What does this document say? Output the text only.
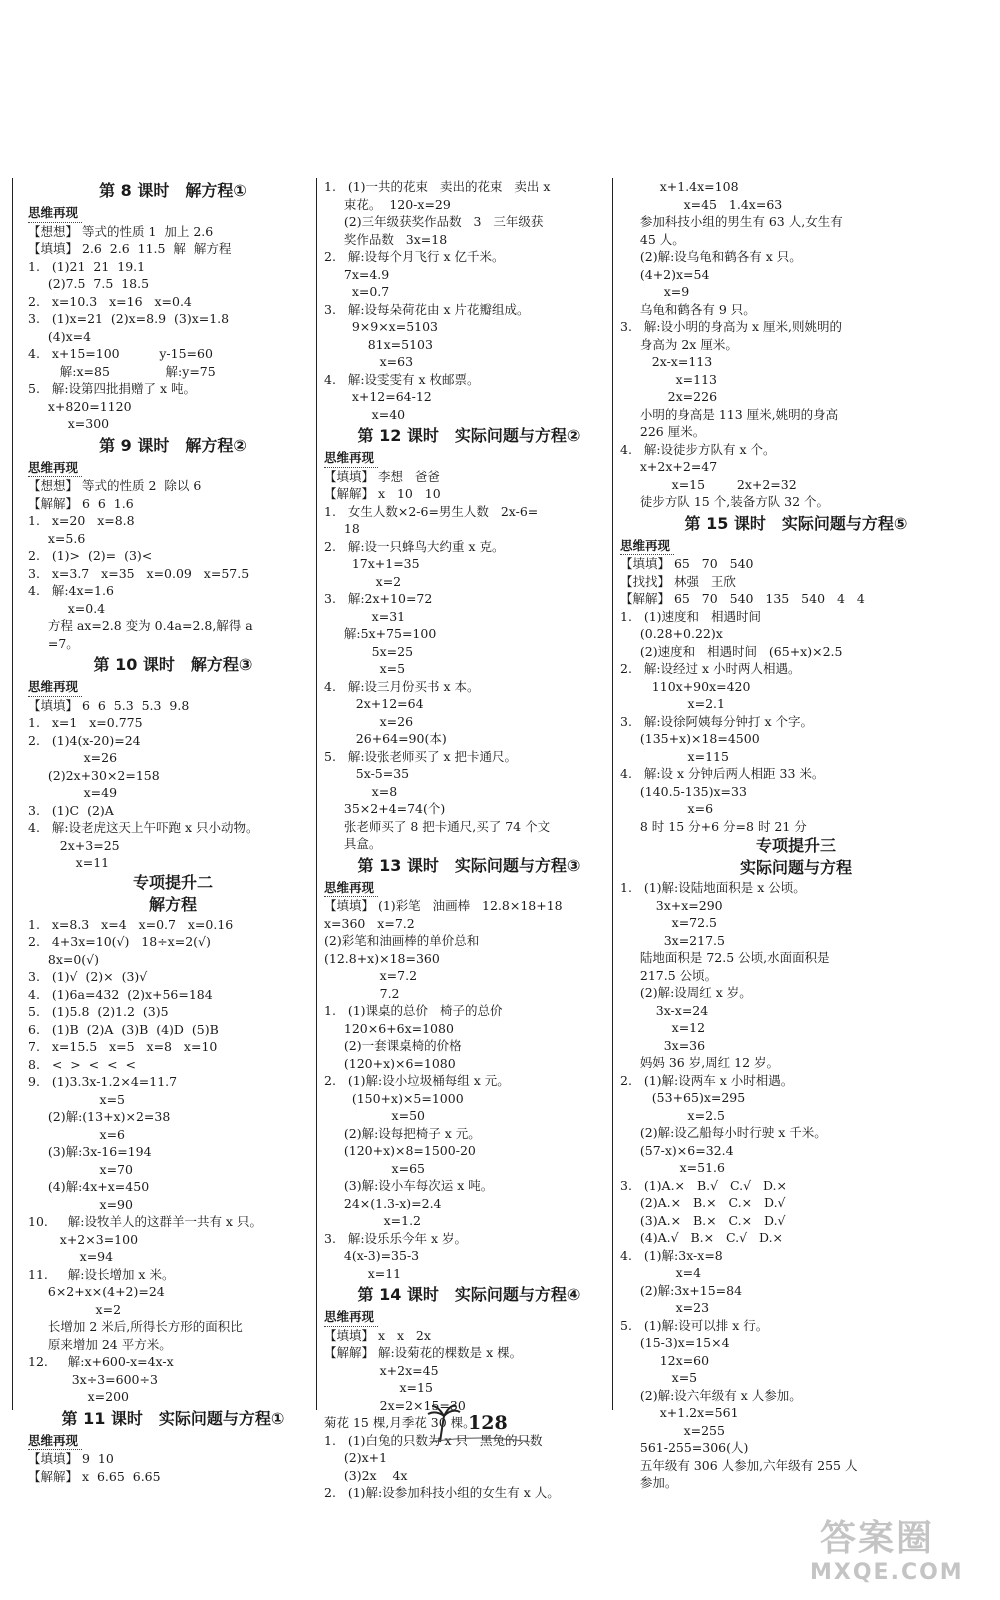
第 8 课时　解方程①
思维再现
【想想】 等式的性质 1  加上 2.6
【填填】 2.6  2.6  11.5  解  解方程
1.   (1)21  21  19.1
(2)7.5  7.5  18.5
2.   x=10.3   x=16   x=0.4
3.   (1)x=21  (2)x=8.9  (3)x=1.8
(4)x=4
4.   x+15=100          y-15=60
解:x=85              解:y=75
5.   解:设第四批捐赠了 x 吨。
x+820=1120
x=300
第 9 课时　解方程②
思维再现
【想想】 等式的性质 2  除以 6
【解解】 6  6  1.6
1.   x=20   x=8.8
x=5.6
2.   (1)>  (2)=  (3)<
3.   x=3.7   x=35   x=0.09   x=57.5
4.   解:4x=1.6
x=0.4
方程 ax=2.8 变为 0.4a=2.8,解得 a
=7。
第 10 课时　解方程③
思维再现
【填填】 6  6  5.3  5.3  9.8
1.   x=1   x=0.775
2.   (1)4(x-20)=24
x=26
(2)2x+30×2=158
x=49
3.   (1)C  (2)A
4.   解:设老虎这天上午吓跑 x 只小动物。
2x+3=25
x=11
专项提升二
解方程
1.   x=8.3   x=4   x=0.7   x=0.16
2.   4+3x=10(√)   18÷x=2(√)
8x=0(√)
3.   (1)√  (2)×  (3)√
4.   (1)6a=432  (2)x+56=184
5.   (1)5.8  (2)1.2  (3)5
6.   (1)B  (2)A  (3)B  (4)D  (5)B
7.   x=15.5   x=5   x=8   x=10
8.   <  >  <  <  <
9.   (1)3.3x-1.2×4=11.7
x=5
(2)解:(13+x)×2=38
x=6
(3)解:3x-16=194
x=70
(4)解:4x+x=450
x=90
10.     解:设牧羊人的这群羊一共有 x 只。
x+2×3=100
x=94
11.     解:设长增加 x 米。
6×2+x×(4+2)=24
x=2
长增加 2 米后,所得长方形的面积比
原来增加 24 平方米。
12.     解:x+600-x=4x-x
3x÷3=600÷3
x=200
第 11 课时　实际问题与方程①
思维再现
【填填】 9  10
【解解】 x  6.65  6.65
1.   (1)一共的花束   卖出的花束   卖出 x
束花。  120-x=29
(2)三年级获奖作品数   3   三年级获
奖作品数   3x=18
2.   解:设每个月飞行 x 亿千米。
7x=4.9
x=0.7
3.   解:设每朵荷花由 x 片花瓣组成。
9×9×x=5103
81x=5103
x=63
4.   解:设雯雯有 x 枚邮票。
x+12=64-12
x=40
第 12 课时　实际问题与方程②
思维再现
【填填】 李想   爸爸
【解解】 x   10   10
1.   女生人数×2-6=男生人数   2x-6=
18
2.   解:设一只蜂鸟大约重 x 克。
17x+1=35
x=2
3.   解:2x+10=72
x=31
解:5x+75=100
5x=25
x=5
4.   解:设三月份买书 x 本。
2x+12=64
x=26
26+64=90(本)
5.   解:设张老师买了 x 把卡通尺。
5x-5=35
x=8
35×2+4=74(个)
张老师买了 8 把卡通尺,买了 74 个文
具盒。
第 13 课时　实际问题与方程③
思维再现
【填填】 (1)彩笔   油画棒   12.8×18+18
x=360   x=7.2
(2)彩笔和油画棒的单价总和
(12.8+x)×18=360
x=7.2
7.2
1.   (1)课桌的总价   椅子的总价
120×6+6x=1080
(2)一套课桌椅的价格
(120+x)×6=1080
2.   (1)解:设小垃圾桶每组 x 元。
(150+x)×5=1000
x=50
(2)解:设每把椅子 x 元。
(120+x)×8=1500-20
x=65
(3)解:设小车每次运 x 吨。
24×(1.3-x)=2.4
x=1.2
3.   解:设乐乐今年 x 岁。
4(x-3)=35-3
x=11
第 14 课时　实际问题与方程④
思维再现
【填填】 x   x   2x
【解解】 解:设菊花的棵数是 x 棵。
x+2x=45
x=15
2x=2×15=30
菊花 15 棵,月季花 30 棵。
1.   (1)白兔的只数为 x 只   黑兔的只数
(2)x+1
(3)2x    4x
2.   (1)解:设参加科技小组的女生有 x 人。
x+1.4x=108
x=45   1.4x=63
参加科技小组的男生有 63 人,女生有
45 人。
(2)解:设乌龟和鹤各有 x 只。
(4+2)x=54
x=9
乌龟和鹤各有 9 只。
3.   解:设小明的身高为 x 厘米,则姚明的
身高为 2x 厘米。
2x-x=113
x=113
2x=226
小明的身高是 113 厘米,姚明的身高
226 厘米。
4.   解:设徒步方队有 x 个。
x+2x+2=47
x=15        2x+2=32
徒步方队 15 个,装备方队 32 个。
第 15 课时　实际问题与方程⑤
思维再现
【填填】 65   70   540
【找找】 林强   王欣
【解解】 65   70   540   135   540   4   4
1.   (1)速度和   相遇时间
(0.28+0.22)x
(2)速度和   相遇时间   (65+x)×2.5
2.   解:设经过 x 小时两人相遇。
110x+90x=420
x=2.1
3.   解:设徐阿姨每分钟打 x 个字。
(135+x)×18=4500
x=115
4.   解:设 x 分钟后两人相距 33 米。
(140.5-135)x=33
x=6
8 时 15 分+6 分=8 时 21 分
专项提升三
实际问题与方程
1.   (1)解:设陆地面积是 x 公顷。
3x+x=290
x=72.5
3x=217.5
陆地面积是 72.5 公顷,水面面积是
217.5 公顷。
(2)解:设周红 x 岁。
3x-x=24
x=12
3x=36
妈妈 36 岁,周红 12 岁。
2.   (1)解:设两车 x 小时相遇。
(53+65)x=295
x=2.5
(2)解:设乙船每小时行驶 x 千米。
(57-x)×6=32.4
x=51.6
3.   (1)A.×   B.√   C.√   D.×
(2)A.×   B.×   C.×   D.√
(3)A.×   B.×   C.×   D.√
(4)A.√   B.×   C.√   D.×
4.   (1)解:3x-x=8
x=4
(2)解:3x+15=84
x=23
5.   (1)解:设可以排 x 行。
(15-3)x=15×4
12x=60
x=5
(2)解:设六年级有 x 人参加。
x+1.2x=561
x=255
561-255=306(人)
五年级有 306 人参加,六年级有 255 人
参加。
128
答案圈
MXQE.COM
